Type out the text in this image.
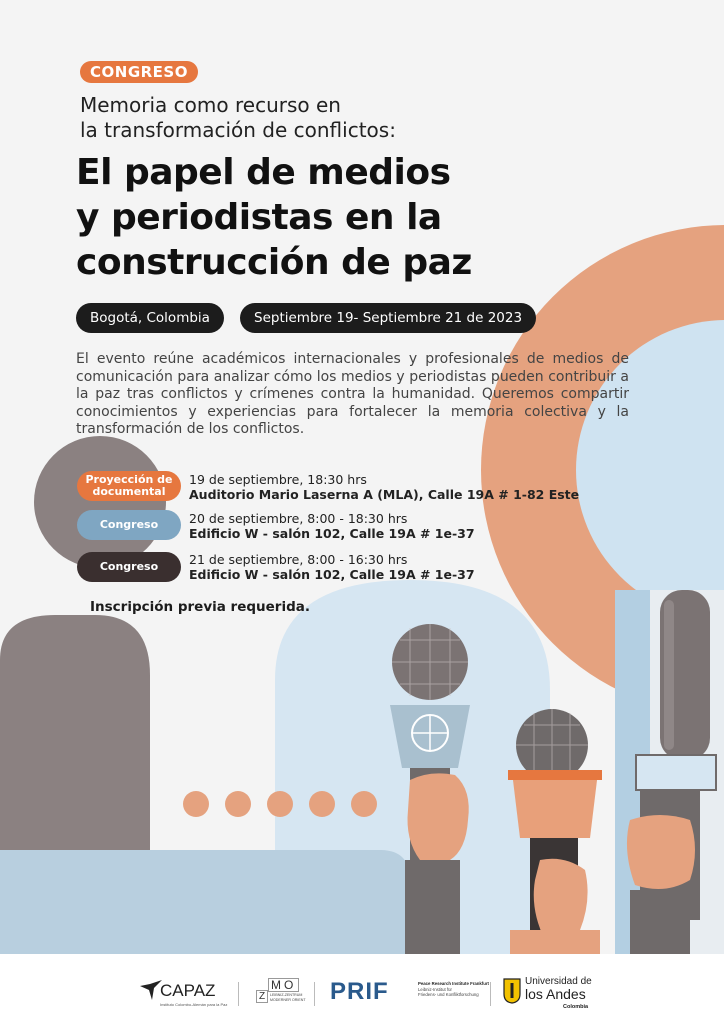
CONGRESO
Memoria como recurso en
la transformación de conflictos:
El papel de medios
y periodistas en la
construcción de paz
Bogotá, Colombia	Septiembre 19- Septiembre 21 de 2023
El evento reúne académicos internacionales y profesionales de medios de comunicación para analizar cómo los medios y periodistas pueden contribuir a la paz tras conflictos y crímenes contra la humanidad. Queremos compartir conocimientos y experiencias para fortalecer la memoria colectiva y la transformación de los conflictos.
Proyección de documental
19 de septiembre, 18:30 hrs
Auditorio Mario Laserna A (MLA), Calle 19A # 1-82 Este
Congreso	20 de septiembre, 8:00 - 18:30 hrs
Edificio W - salón 102, Calle 19A # 1e-37
Congreso	21 de septiembre, 8:00 - 16:30 hrs
Edificio W - salón 102, Calle 19A # 1e-37
Inscripción previa requerida.
CAPAZ
Instituto Colombo-Alemán para la Paz
MO
Z	LEIBNIZ-ZENTRUM MODERNER ORIENT PRIF	Peace Research Institute Frankfurt
Leibniz-Institut für
Friedens- und Konfliktforschung
Universidad de
los Andes
Colombia
